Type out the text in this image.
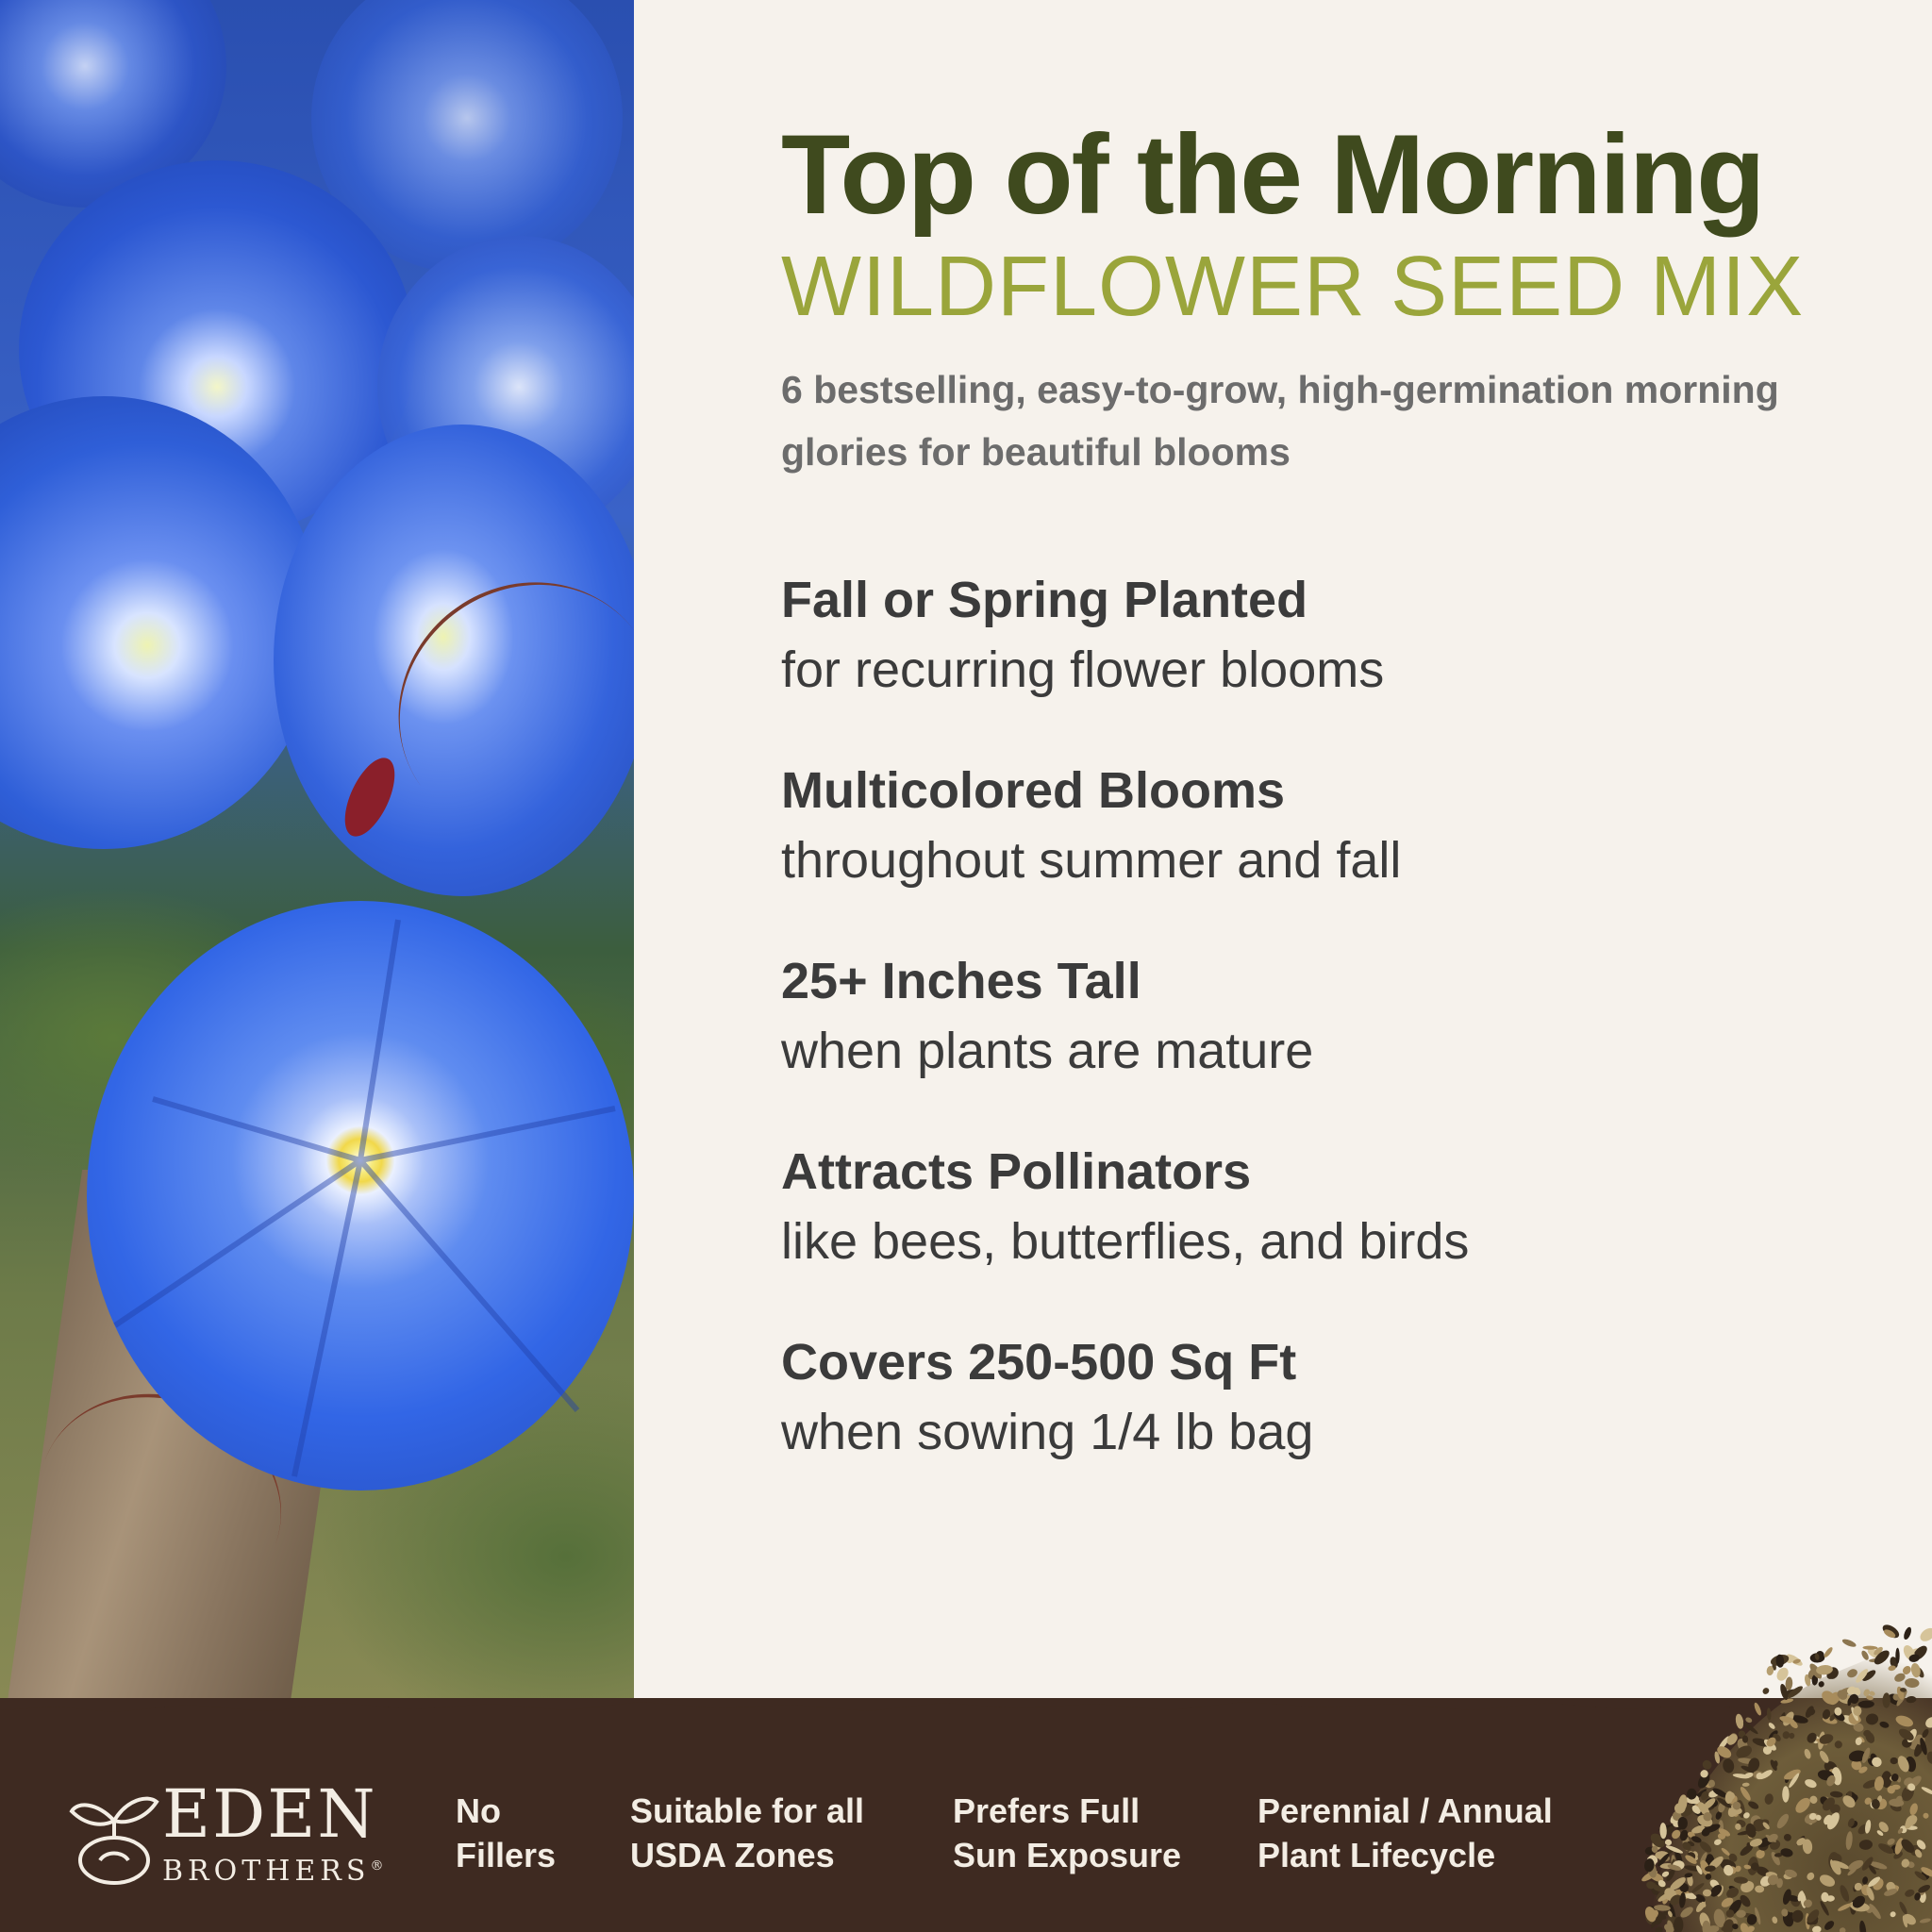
Top of the Morning
WILDFLOWER SEED MIX

6 bestselling, easy-to-grow, high-germination morning glories for beautiful blooms

Fall or Spring Planted
for recurring flower blooms
Multicolored Blooms
throughout summer and fall
25+ Inches Tall
when plants are mature
Attracts Pollinators
like bees, butterflies, and birds
Covers 250-500 Sq Ft
when sowing 1/4 lb bag
EDEN
BROTHERS®
No
Fillers
Suitable for all
USDA Zones
Prefers Full
Sun Exposure
Perennial / Annual
Plant Lifecycle
